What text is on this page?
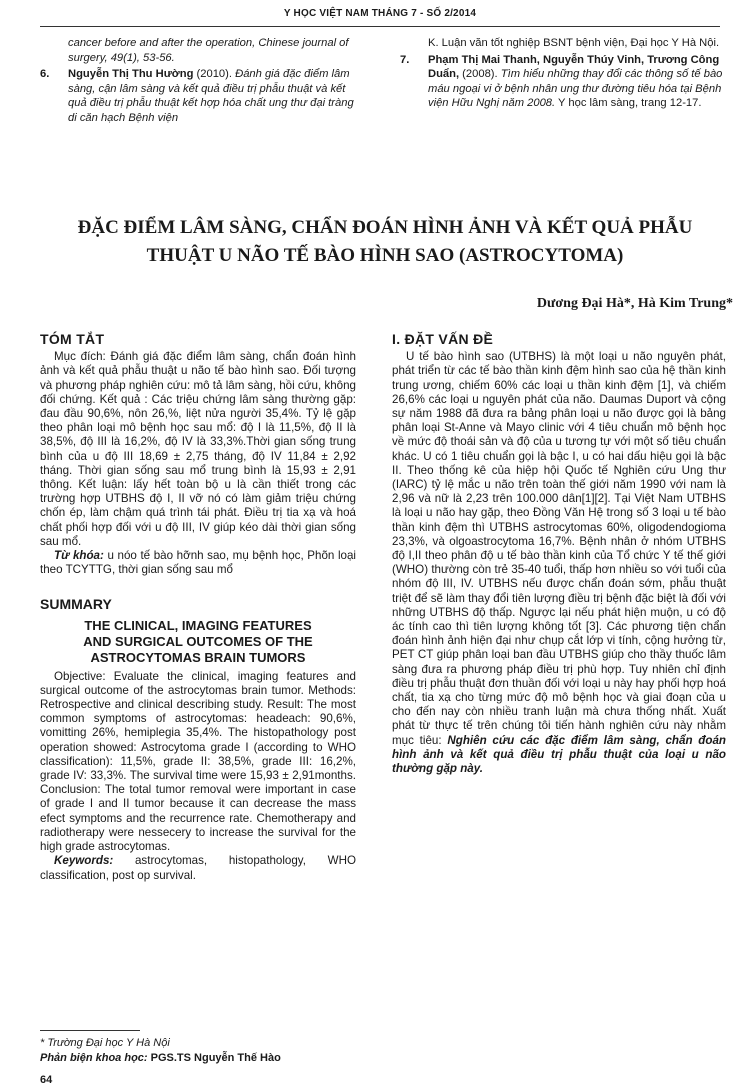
Y HỌC VIỆT NAM THÁNG 7 - SỐ 2/2014
cancer before and after the operation, Chinese journal of surgery, 49(1), 53-56.
6. Nguyễn Thị Thu Hường (2010). Đánh giá đặc điểm lâm sàng, cận lâm sàng và kết quả điều trị phẫu thuật và kết quả điều trị phẫu thuật kết hợp hóa chất ung thư đại tràng di căn hạch Bệnh viện
K. Luận văn tốt nghiệp BSNT bệnh viện, Đại học Y Hà Nội.
7. Phạm Thị Mai Thanh, Nguyễn Thúy Vinh, Trương Công Duẩn, (2008). Tìm hiểu những thay đổi các thông số tế bào máu ngoại vi ở bệnh nhân ung thư đường tiêu hóa tại Bệnh viện Hữu Nghị năm 2008. Y học lâm sàng, trang 12-17.
ĐẶC ĐIỂM LÂM SÀNG, CHẨN ĐOÁN HÌNH ẢNH VÀ KẾT QUẢ PHẪU
THUẬT U NÃO TẾ BÀO HÌNH SAO (ASTROCYTOMA)
Dương Đại Hà*, Hà Kim Trung*
TÓM TẮT

Mục đích: Đánh giá đặc điểm lâm sàng, chẩn đoán hình ảnh và kết quả phẫu thuật u não tế bào hình sao. Đối tượng và phương pháp nghiên cứu: mô tả lâm sàng, hồi cứu, không đối chứng. Kết quả : Các triệu chứng lâm sàng thường gặp: đau đầu 90,6%, nôn 26,%, liệt nửa người 35,4%. Tỷ lệ gặp theo phân loại mô bệnh học sau mổ: độ I là 11,5%, độ II là 38,5%, độ III là 16,2%, độ IV là 33,3%.Thời gian sống trung bình của u độ III 18,69 ± 2,75 tháng, độ IV 11,84 ± 2,92 tháng. Thời gian sống sau mổ trung bình là 15,93 ± 2,91 thông. Kết luận: lấy hết toàn bộ u là cần thiết trong các trường hợp UTBHS độ I, II vỡ nó có làm giảm triệu chứng chốn ép, làm chậm quá trình tái phát. Điều trị tia xạ và hoá chất phối hợp đối với u độ III, IV giúp kéo dài thời gian sống sau mổ.

Từ khóa: u nóo tế bào hỡnh sao, mụ bệnh học, Phõn loại theo TCYTTG, thời gian sống sau mổ

SUMMARY
THE CLINICAL, IMAGING FEATURES
AND SURGICAL OUTCOMES OF THE
ASTROCYTOMAS BRAIN TUMORS

Objective: Evaluate the clinical, imaging features and surgical outcome of the astrocytomas brain tumor. Methods: Retrospective and clinical describing study. Result: The most common symptoms of astrocytomas: headeach: 90,6%, vomitting 26%, hemiplegia 35,4%. The histopathology post operation showed: Astrocytoma grade I (according to WHO classification): 11,5%, grade II: 38,5%, grade III: 16,2%, grade IV: 33,3%. The survival time were 15,93 ± 2,91months. Conclusion: The total tumor removal were important in case of grade I and II tumor because it can decrease the mass efect symptoms and the recurrence rate. Chemotherapy and radiotherapy were nessecery to increase the survival for the high grade astrocytomas.

Keywords: astrocytomas, histopathology, WHO classification, post op survival.

I. ĐẶT VẤN ĐỀ

U tế bào hình sao (UTBHS) là một loại u não nguyên phát, phát triển từ các tế bào thần kinh đệm hình sao của hệ thần kinh trung ương, chiếm 60% các loại u thần kinh đệm [1], và chiếm 26,6% các loại u nguyên phát của não. Daumas Duport và cộng sự năm 1988 đã đưa ra bảng phân loại u não được gọi là bảng phân loại St-Anne và Mayo clinic với 4 tiêu chuẩn mô bệnh học về mức độ thoái sản và độ của u tương tự với một số tiêu chuẩn khác. U có 1 tiêu chuẩn gọi là bậc I, u có hai dấu hiệu gọi là bậc II. Theo thống kê của hiệp hội Quốc tế Nghiên cứu Ung thư (IARC) tỷ lệ mắc u não trên toàn thế giới năm 1990 với nam là 2,96 và nữ là 2,23 trên 100.000 dân[1][2]. Tại Việt Nam UTBHS là loại u não hay gặp, theo Đồng Văn Hệ trong số 3 loại u tế bào thần kinh đệm thì UTBHS astrocytomas 60%, oligodendogioma 23,3%, và olgoastrocytoma 16,7%. Bệnh nhân ở nhóm UTBHS độ I,II theo phân độ u tế bào thần kinh của Tổ chức Y tế thế giới (WHO) thường còn trẻ 35-40 tuổi, thấp hơn nhiều so với tuổi của nhóm độ III, IV. UTBHS nếu được chẩn đoán sớm, phẫu thuật triệt để sẽ làm thay đổi tiên lượng điều trị bệnh đặc biệt là đối với những UTBHS độ thấp. Ngược lại nếu phát hiện muộn, u có độ ác tính cao thì tiên lượng không tốt [3]. Các phương tiện chẩn đoán hình ảnh hiện đại như chụp cắt lớp vi tính, cộng hưởng từ, PET CT giúp phân loại ban đầu UTBHS giúp cho thầy thuốc lâm sàng đưa ra phương pháp điều trị phù hợp. Tuy nhiên chỉ định điều trị phẫu thuật đơn thuần đối với loại u này hay phối hợp hoá chất, tia xạ cho từng mức độ mô bệnh học và giai đoạn của u cho đến nay còn nhiều tranh luận mà chưa thống nhất. Xuất phát từ thực tế trên chúng tôi tiến hành nghiên cứu này nhằm mục tiêu: Nghiên cứu các đặc điểm lâm sàng, chẩn đoán hình ảnh và kết quả điều trị phẫu thuật của loại u não thường gặp này.

* Trường Đại học Y Hà Nội
Phản biện khoa học: PGS.TS Nguyễn Thế Hào
64
